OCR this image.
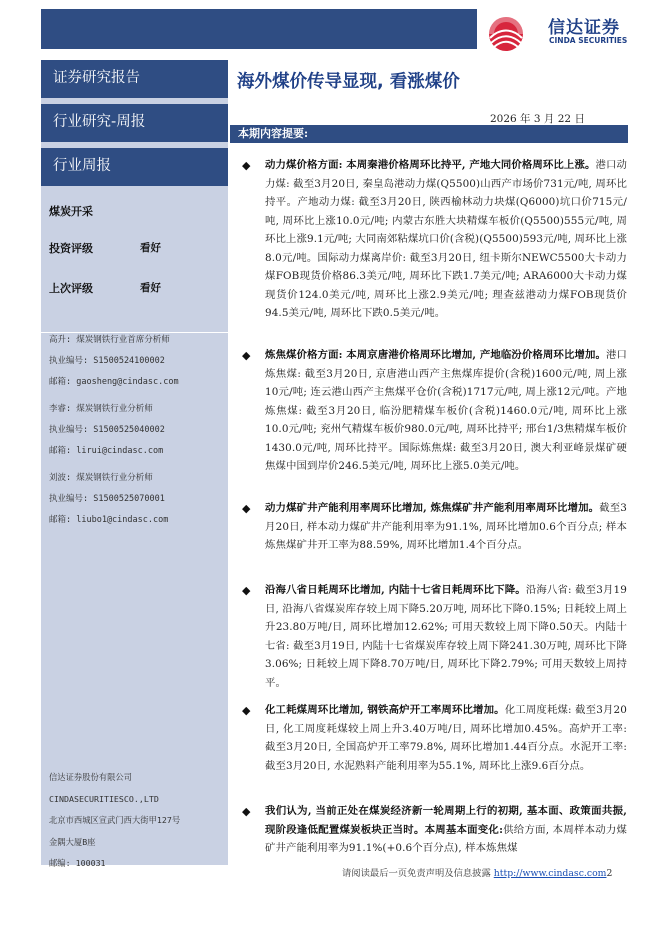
信达证券
CINDA SECURITIES
证券研究报告
行业研究-周报
行业周报
煤炭开采
投资评级	看好
上次评级	看好
高升: 煤炭钢铁行业首席分析师
执业编号: S1500524100002
邮箱: gaosheng@cindasc.com
李睿: 煤炭钢铁行业分析师
执业编号: S1500525040002
邮箱: lirui@cindasc.com
刘波: 煤炭钢铁行业分析师
执业编号: S1500525070001
邮箱: liubo1@cindasc.com
信达证券股份有限公司
CINDASECURITIESCO.,LTD
北京市西城区宣武门西大街甲127号
金隅大厦B座
邮编: 100031
海外煤价传导显现, 看涨煤价
2026 年 3 月 22 日
本期内容提要:
◆ 动力煤价格方面: 本周秦港价格周环比持平, 产地大同价格周环比上涨。港口动力煤: 截至3月20日, 秦皇岛港动力煤(Q5500)山西产市场价731元/吨, 周环比持平。产地动力煤: 截至3月20日, 陕西榆林动力块煤(Q6000)坑口价715元/吨, 周环比上涨10.0元/吨; 内蒙古东胜大块精煤车板价(Q5500)555元/吨, 周环比上涨9.1元/吨; 大同南郊粘煤坑口价(含税)(Q5500)593元/吨, 周环比上涨8.0元/吨。国际动力煤离岸价: 截至3月20日, 纽卡斯尔NEWC5500大卡动力煤FOB现货价格86.3美元/吨, 周环比下跌1.7美元/吨; ARA6000大卡动力煤现货价124.0美元/吨, 周环比上涨2.9美元/吨; 理查兹港动力煤FOB现货价94.5美元/吨, 周环比下跌0.5美元/吨。
◆ 炼焦煤价格方面: 本周京唐港价格周环比增加, 产地临汾价格周环比增加。港口炼焦煤: 截至3月20日, 京唐港山西产主焦煤库提价(含税)1600元/吨, 周上涨10元/吨; 连云港山西产主焦煤平仓价(含税)1717元/吨, 周上涨12元/吨。产地炼焦煤: 截至3月20日, 临汾肥精煤车板价(含税)1460.0元/吨, 周环比上涨10.0元/吨; 兖州气精煤车板价980.0元/吨, 周环比持平; 邢台1/3焦精煤车板价1430.0元/吨, 周环比持平。国际炼焦煤: 截至3月20日, 澳大利亚峰景煤矿硬焦煤中国到岸价246.5美元/吨, 周环比上涨5.0美元/吨。
◆ 动力煤矿井产能利用率周环比增加, 炼焦煤矿井产能利用率周环比增加。截至3月20日, 样本动力煤矿井产能利用率为91.1%, 周环比增加0.6个百分点; 样本炼焦煤矿井开工率为88.59%, 周环比增加1.4个百分点。
◆ 沿海八省日耗周环比增加, 内陆十七省日耗周环比下降。沿海八省: 截至3月19日, 沿海八省煤炭库存较上周下降5.20万吨, 周环比下降0.15%; 日耗较上周上升23.80万吨/日, 周环比增加12.62%; 可用天数较上周下降0.50天。内陆十七省: 截至3月19日, 内陆十七省煤炭库存较上周下降241.30万吨, 周环比下降3.06%; 日耗较上周下降8.70万吨/日, 周环比下降2.79%; 可用天数较上周持平。
◆ 化工耗煤周环比增加, 钢铁高炉开工率周环比增加。化工周度耗煤: 截至3月20日, 化工周度耗煤较上周上升3.40万吨/日, 周环比增加0.45%。高炉开工率: 截至3月20日, 全国高炉开工率79.8%, 周环比增加1.44百分点。水泥开工率: 截至3月20日, 水泥熟料产能利用率为55.1%, 周环比上涨9.6百分点。
◆ 我们认为, 当前正处在煤炭经济新一轮周期上行的初期, 基本面、政策面共振, 现阶段逢低配置煤炭板块正当时。本周基本面变化:供给方面, 本周样本动力煤矿井产能利用率为91.1%(+0.6个百分点), 样本炼焦煤
请阅读最后一页免责声明及信息披露 http://www.cindasc.com2
